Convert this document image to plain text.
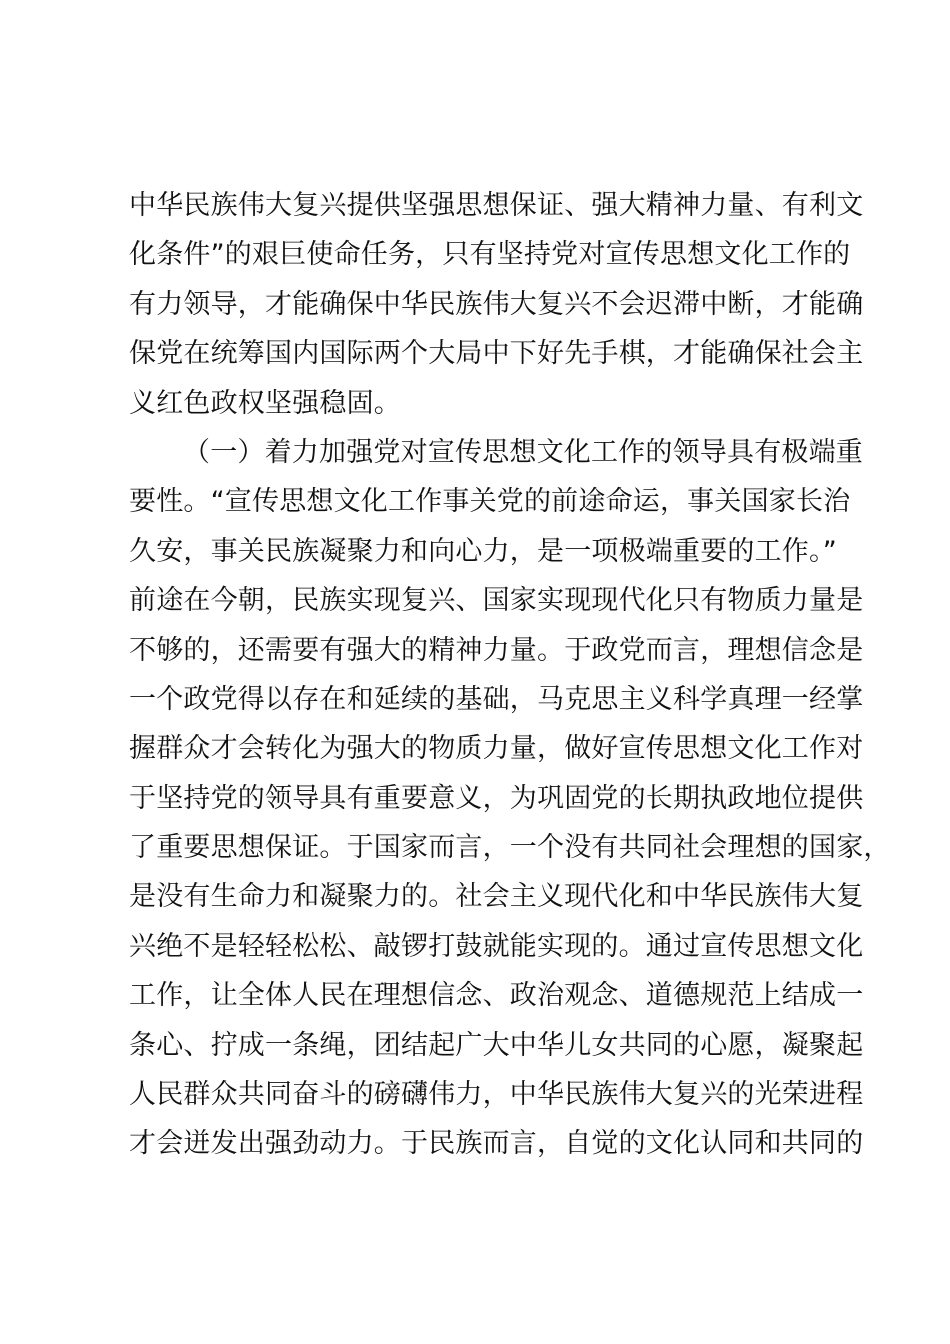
中华民族伟大复兴提供坚强思想保证、强大精神力量、有利文
化条件”的艰巨使命任务，只有坚持党对宣传思想文化工作的
有力领导，才能确保中华民族伟大复兴不会迟滞中断，才能确
保党在统筹国内国际两个大局中下好先手棋，才能确保社会主
义红色政权坚强稳固。
（一）着力加强党对宣传思想文化工作的领导具有极端重
要性。“宣传思想文化工作事关党的前途命运，事关国家长治
久安，事关民族凝聚力和向心力，是一项极端重要的工作。”
前途在今朝，民族实现复兴、国家实现现代化只有物质力量是
不够的，还需要有强大的精神力量。于政党而言，理想信念是
一个政党得以存在和延续的基础，马克思主义科学真理一经掌
握群众才会转化为强大的物质力量，做好宣传思想文化工作对
于坚持党的领导具有重要意义，为巩固党的长期执政地位提供
了重要思想保证。于国家而言，一个没有共同社会理想的国家，
是没有生命力和凝聚力的。社会主义现代化和中华民族伟大复
兴绝不是轻轻松松、敲锣打鼓就能实现的。通过宣传思想文化
工作，让全体人民在理想信念、政治观念、道德规范上结成一
条心、拧成一条绳，团结起广大中华儿女共同的心愿，凝聚起
人民群众共同奋斗的磅礴伟力，中华民族伟大复兴的光荣进程
才会迸发出强劲动力。于民族而言，自觉的文化认同和共同的
